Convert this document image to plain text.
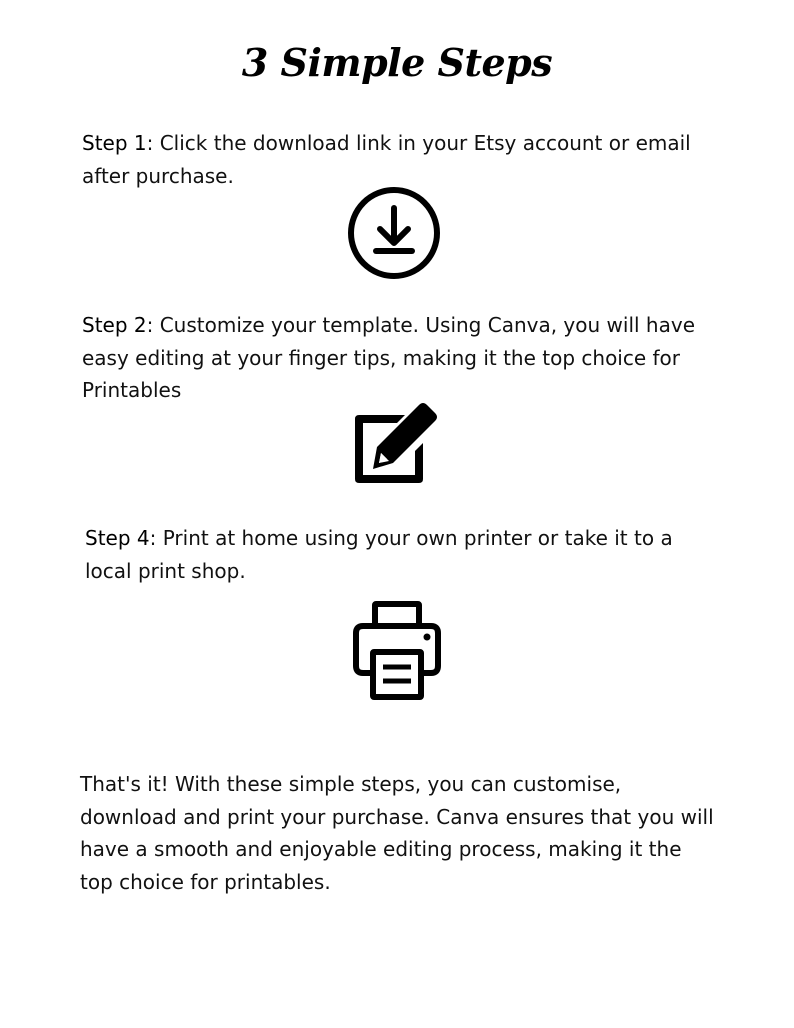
3 Simple Steps

Step 1: Click the download link in your Etsy account or email after purchase.

Step 2: Customize your template. Using Canva, you will have easy editing at your finger tips, making it the top choice for Printables

Step 4: Print at home using your own printer or take it to a local print shop.

That's it! With these simple steps, you can customise, download and print your purchase. Canva ensures that you will have a smooth and enjoyable editing process, making it the top choice for printables.
